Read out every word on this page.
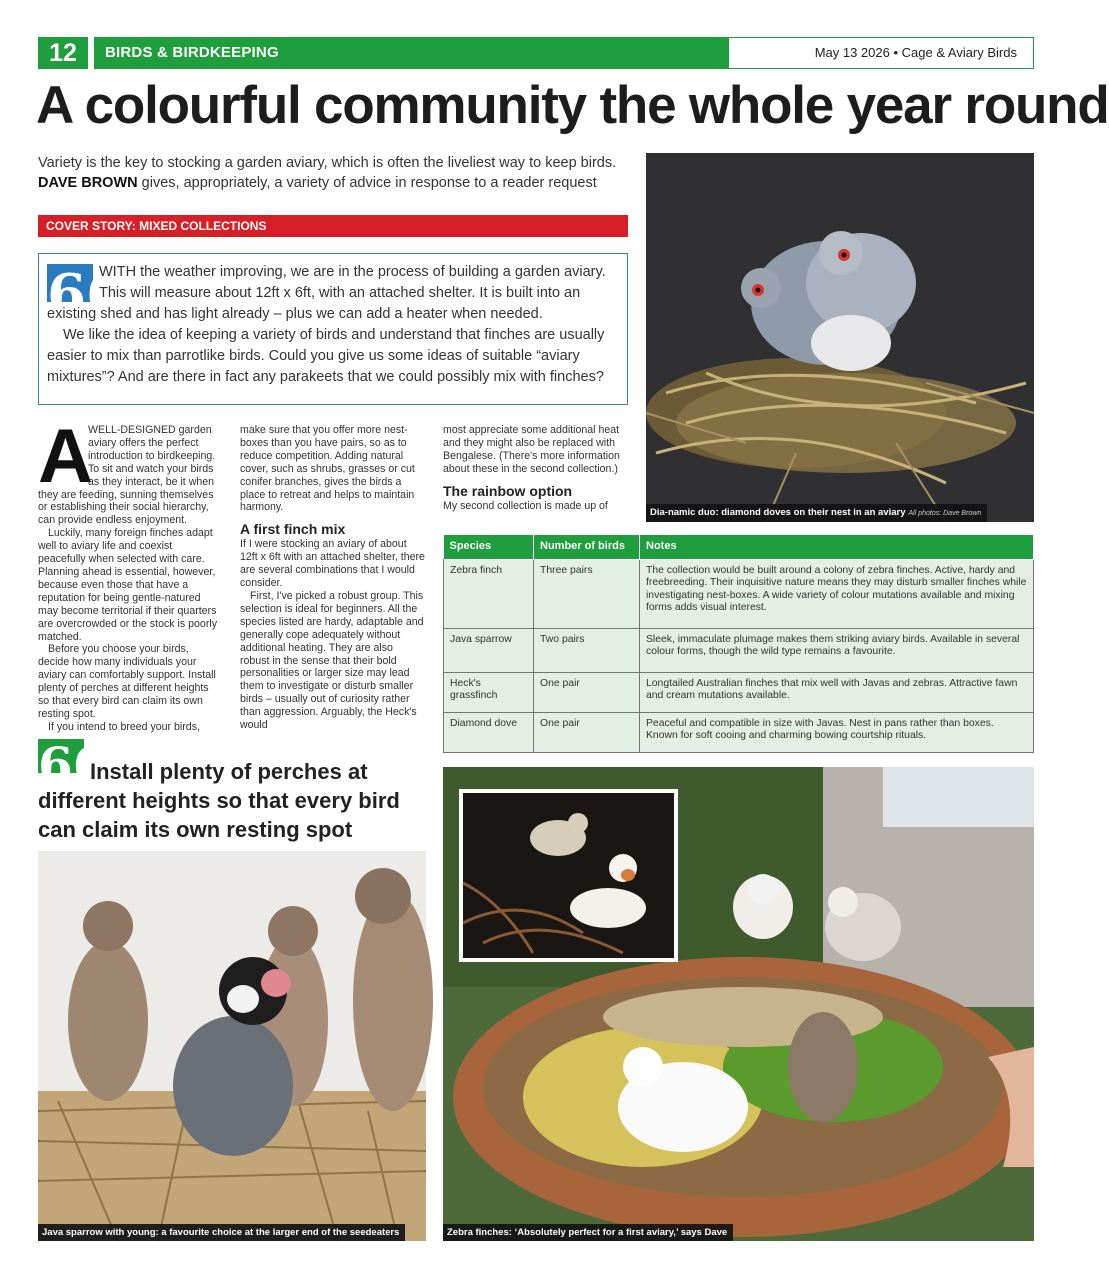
12	BIRDS & BIRDKEEPING	May 13 2026 • Cage & Aviary Birds
A colourful community the whole year round
Variety is the key to stocking a garden aviary, which is often the liveliest way to keep birds.
DAVE BROWN gives, appropriately, a variety of advice in response to a reader request
COVER STORY: MIXED COLLECTIONS
66

WITH the weather improving, we are in the process of building a garden aviary. This will measure about 12ft x 6ft, with an attached shelter. It is built into an existing shed and has light already – plus we can add a heater when needed.

We like the idea of keeping a variety of birds and understand that finches are usually easier to mix than parrotlike birds. Could you give us some ideas of suitable “aviary mixtures”? And are there in fact any parakeets that we could possibly mix with finches?

A
WELL-DESIGNED garden aviary offers the perfect introduction to birdkeeping. To sit and watch your birds as they interact, be it when they are feeding, sunning themselves or establishing their social hierarchy, can provide endless enjoyment.

Luckily, many foreign finches adapt well to aviary life and coexist peacefully when selected with care. Planning ahead is essential, however, because even those that have a reputation for being gentle-natured may become territorial if their quarters are overcrowded or the stock is poorly matched.

Before you choose your birds, decide how many individuals your aviary can comfortably support. Install plenty of perches at different heights so that every bird can claim its own resting spot.

If you intend to breed your birds,

make sure that you offer more nest-boxes than you have pairs, so as to reduce competition. Adding natural cover, such as shrubs, grasses or cut conifer branches, gives the birds a place to retreat and helps to maintain harmony.

A first finch mix

If I were stocking an aviary of about 12ft x 6ft with an attached shelter, there are several combinations that I would consider.

First, I've picked a robust group. This selection is ideal for beginners. All the species listed are hardy, adaptable and generally cope adequately without additional heating. They are also robust in the sense that their bold personalities or larger size may lead them to investigate or disturb smaller birds – usually out of curiosity rather than aggression. Arguably, the Heck's would

most appreciate some additional heat and they might also be replaced with Bengalese. (There's more information about these in the second collection.)

The rainbow option

My second collection is made up of

66Install plenty of perches at different heights so that every bird can claim its own resting spot
Dia-namic duo: diamond doves on their nest in an aviary All photos: Dave Brown
Species	Number of birds	Notes
Zebra finch	Three pairs	The collection would be built around a colony of zebra finches. Active, hardy and freebreeding. Their inquisitive nature means they may disturb smaller finches while investigating nest-boxes. A wide variety of colour mutations available and mixing forms adds visual interest.
Java sparrow	Two pairs	Sleek, immaculate plumage makes them striking aviary birds. Available in several colour forms, though the wild type remains a favourite.
Heck's grassfinch	One pair	Longtailed Australian finches that mix well with Javas and zebras. Attractive fawn and cream mutations available.
Diamond dove	One pair	Peaceful and compatible in size with Javas. Nest in pans rather than boxes. Known for soft cooing and charming bowing courtship rituals.
Java sparrow with young: a favourite choice at the larger end of the seedeaters	Zebra finches: ‘Absolutely perfect for a first aviary,’ says Dave
